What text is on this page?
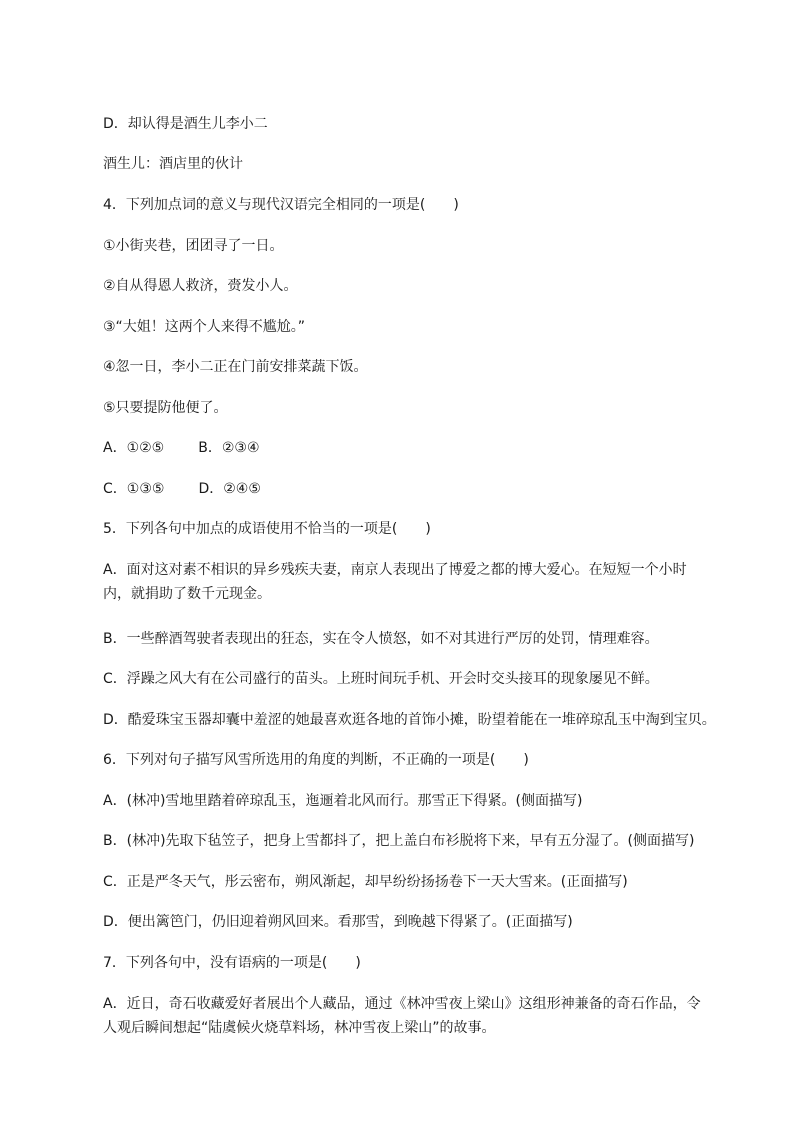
D．却认得是酒生儿李小二
酒生儿：酒店里的伙计
4．下列加点词的意义与现代汉语完全相同的一项是(　　)
①小街夹巷，团团寻了一日。
②自从得恩人救济，赍发小人。
③“大姐！这两个人来得不尴尬。”
④忽一日，李小二正在门前安排菜蔬下饭。
⑤只要提防他便了。
A．①②⑤ B．②③④
C．①③⑤ D．②④⑤
5．下列各句中加点的成语使用不恰当的一项是(　　)
A．面对这对素不相识的异乡残疾夫妻，南京人表现出了博爱之都的博大爱心。在短短一个小时内，就捐助了数千元现金。
B．一些醉酒驾驶者表现出的狂态，实在令人愤怒，如不对其进行严厉的处罚，情理难容。
C．浮躁之风大有在公司盛行的苗头。上班时间玩手机、开会时交头接耳的现象屡见不鲜。
D．酷爱珠宝玉器却囊中羞涩的她最喜欢逛各地的首饰小摊，盼望着能在一堆碎琼乱玉中淘到宝贝。
6．下列对句子描写风雪所选用的角度的判断，不正确的一项是(　　)
A．(林冲)雪地里踏着碎琼乱玉，迤逦着北风而行。那雪正下得紧。(侧面描写)
B．(林冲)先取下毡笠子，把身上雪都抖了，把上盖白布衫脱将下来，早有五分湿了。(侧面描写)
C．正是严冬天气，彤云密布，朔风渐起，却早纷纷扬扬卷下一天大雪来。(正面描写)
D．便出篱笆门，仍旧迎着朔风回来。看那雪，到晚越下得紧了。(正面描写)
7．下列各句中，没有语病的一项是(　　)
A．近日，奇石收藏爱好者展出个人藏品，通过《林冲雪夜上梁山》这组形神兼备的奇石作品，令人观后瞬间想起“陆虞候火烧草料场，林冲雪夜上梁山”的故事。
